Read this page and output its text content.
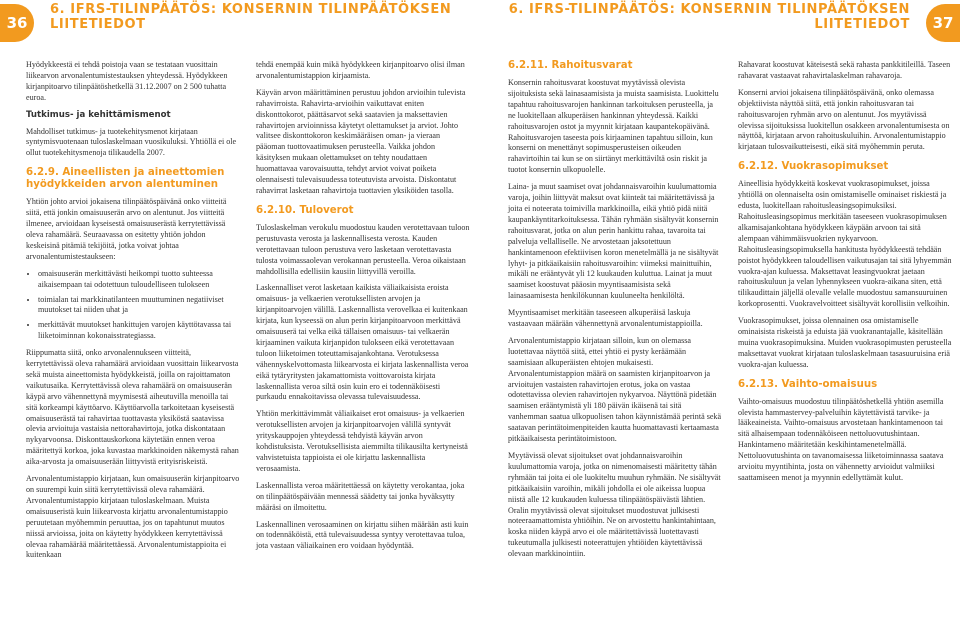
36
6. IFRS-TILINPÄÄTÖS: KONSERNIN TILINPÄÄTÖKSEN
LIITETIEDOT
6. IFRS-TILINPÄÄTÖS: KONSERNIN TILINPÄÄTÖKSEN
LIITETIEDOT	37

Hyödykkeestä ei tehdä poistoja vaan se testataan vuosittain liikearvon arvonalentumistestauksen yhteydessä. Hyödykkeen kirjanpitoarvo tilinpäätöshetkellä 31.12.2007 on 2 500 tuhatta euroa.

Tutkimus- ja kehittämismenot

Mahdolliset tutkimus- ja tuotekehitysmenot kirjataan syntymisvuotenaan tuloslaskelmaan vuosikuluksi. Yhtiöllä ei ole ollut tuotekehitysmenoja tilikaudella 2007.

6.2.9. Aineellisten ja aineettomien hyödykkeiden arvon alentuminen

Yhtiön johto arvioi jokaisena tilinpäätöspäivänä onko viitteitä siitä, että jonkin omaisuuserän arvo on alentunut. Jos viitteitä ilmenee, arvioidaan kyseisestä omaisuuserästä kerrytettävissä oleva rahamäärä. Seuraavassa on esitetty yhtiön johdon keskeisinä pitämiä tekijöitä, jotka voivat johtaa arvonalentumistestaukseen:

• omaisuuserän merkittävästi heikompi tuotto suhteessa aikaisempaan tai odotettuun tuloudelliseen tulokseen
• toimialan tai markkinatilanteen muuttuminen negatiiviset muutokset tai niiden uhat ja
• merkittävät muutokset hankittujen varojen käyttötavassa tai liiketoiminnan kokonaisstrategiassa.

Riippumatta siitä, onko arvonalennukseen viitteitä, kerrytettävissä oleva rahamäärä arvioidaan vuosittain liikearvosta sekä muista aineettomista hyödykkeistä, joilla on rajoittamaton vaikutusaika. Kerrytettävissä oleva rahamäärä on omaisuuserän käypä arvo vähennettynä myymisestä aiheutuvilla menoilla tai sitä korkeampi käyttöarvo. Käyttöarvolla tarkoitetaan kyseisestä omaisuuserästä tai rahavirtaa tuottavasta yksiköstä saatavissa olevia arvioituja vastaisia nettorahavirtoja, jotka diskontataan nykyarvoonsa. Diskonttauskorkona käytetään ennen veroa määritettyä korkoa, joka kuvastaa markkinoiden näkemystä rahan aika-arvosta ja omaisuuserään liittyvistä erityisriskeistä.

Arvonalentumistappio kirjataan, kun omaisuuserän kirjanpitoarvo on suurempi kuin siitä kerrytettävissä oleva rahamäärä. Arvonalentumistappio kirjataan tuloslaskelmaan. Muista omaisuuseristä kuin liikearvosta kirjattu arvonalentumistappio peruutetaan myöhemmin peruuttaa, jos on tapahtunut muutos niissä arvioissa, joita on käytetty hyödykkeen kerrytettävissä olevaa rahamäärää määritettäessä. Arvonalentumistappioita ei kuitenkaan

tehdä enempää kuin mikä hyödykkeen kirjanpitoarvo olisi ilman arvonalentumistappion kirjaamista.

Käyvän arvon määrittäminen perustuu johdon arvioihin tulevista rahavirroista. Rahavirta-arvioihin vaikuttavat eniten diskonttokorot, päättäsarvot sekä saatavien ja maksettavien rahavirtojen arvioinnissa käytetyt olettamukset ja arviot. Johto valitsee diskonttokoron keskimääräisen oman- ja vieraan pääoman tuottovaatimuksen perusteella. Vaikka johdon käsityksen mukaan olettamukset on tehty noudattaen huomattavaa varovaisuutta, tehdyt arviot voivat poiketa olennaisesti tulevaisuudessa toteutuvista arvoista. Diskontatut rahavirrat lasketaan rahavirtoja tuottavien yksiköiden tasolla.

6.2.10. Tuloverot

Tuloslaskelman verokulu muodostuu kauden verotettavaan tuloon perustuvasta verosta ja laskennallisesta verosta. Kauden verotettavaan tuloon perustuva vero lasketaan verotettavasta tulosta voimassaolevan verokannan perusteella. Veroa oikaistaan mahdollisilla edellisiin kausiin liittyvillä veroilla.

Laskennalliset verot lasketaan kaikista väliaikaisista eroista omaisuus- ja velkaerien verotuksellisten arvojen ja kirjanpitoarvojen välillä. Laskennallista verovelkaa ei kuitenkaan kirjata, kun kyseessä on alun perin kirjanpitoarvoon merkittävä omaisuuserä tai velka eikä tällaisen omaisuus- tai velkaerän kirjaaminen vaikuta kirjanpidon tulokseen eikä verotettavaan tuloon liiketoimen toteuttamisajankohtana. Verotuksessa vähennyskelvottomasta liikearvosta ei kirjata laskennallista veroa eikä tytäryritysten jakamattomista voittovaroista kirjata laskennallista veroa siltä osin kuin ero ei todennäköisesti purkaudu ennakoitavissa olevassa tulevaisuudessa.

Yhtiön merkittävimmät väliaikaiset erot omaisuus- ja velkaerien verotuksellisten arvojen ja kirjanpitoarvojen välillä syntyvät yrityskauppojen yhteydessä tehdyistä käyvän arvon kohdistuksista. Verotuksellisista aiemmilta tilikausilta kertyneistä vahvistetuista tappioista ei ole kirjattu laskennallista verosaamista.

Laskennallista veroa määritettäessä on käytetty verokantaa, joka on tilinpäätöspäivään mennessä säädetty tai jonka hyväksytty määräsi on ilmoitettu.

Laskennallinen verosaaminen on kirjattu siihen määrään asti kuin on todennäköistä, että tulevaisuudessa syntyy verotettavaa tuloa, jota vastaan väliaikainen ero voidaan hyödyntää.

6.2.11. Rahoitusvarat

Konsernin rahoitusvarat koostuvat myytävissä olevista sijoituksista sekä lainasaamisista ja muista saamisista. Luokittelu tapahtuu rahoitusvarojen hankinnan tarkoituksen perusteella, ja ne luokitellaan alkuperäisen hankinnan yhteydessä. Kaikki rahoitusvarojen ostot ja myynnit kirjataan kaupantekopäivänä. Rahoitusvarojen taseesta pois kirjaaminen tapahtuu silloin, kun konserni on menettänyt sopimusperusteisen oikeuden rahavirtoihin tai kun se on siirtänyt merkittäviltä osin riskit ja tuotot konsernin ulkopuolelle.

Laina- ja muut saamiset ovat johdannaisvaroihin kuulumattomia varoja, joihin liittyvät maksut ovat kiinteät tai määritettävissä ja joita ei noteerata toimivilla markkinoilla, eikä yhtiö pidä niitä kaupankäyntitarkoituksessa. Tähän ryhmään sisältyvät konsernin rahoitusvarat, jotka on alun perin hankittu rahaa, tavaroita tai palveluja vellalliselle. Ne arvostetaan jaksotettuun hankintamenoon efektiivisen koron menetelmällä ja ne sisältyvät lyhyt- ja pitkäaikaisiin rahoitusvaroihin: viimeksi mainittuihin, mikäli ne erääntyvät yli 12 kuukauden kuluttua. Lainat ja muut saamiset koostuvat pääosin myyntisaamisista sekä lainasaamisesta henkilökunnan kuuluneelta henkilöltä.

Myyntisaamiset merkitään taseeseen alkuperäisä laskuja vastaavaan määrään vähennettynä arvonalentumistappioilla.

Arvonalentumistappio kirjataan silloin, kun on olemassa luotettavaa näyttöä siitä, ettei yhtiö ei pysty keräämään saamisiaan alkuperäisten ehtojen mukaisesti. Arvonalentumistappion määrä on saamisten kirjanpitoarvon ja arvioitujen vastaisten rahavirtojen erotus, joka on vastaa odotettavissa olevien rahavirtojen nykyarvoa. Näyttönä pidetään saamisen erääntymistä yli 180 päivän ikäisenä tai sitä vanhemman saatua ulkopuolisen tahon käynnistämää perintä sekä saatavan perintätoimenpiteiden kautta huomattavasti kertaamasta pitkäaikaisesta perintätoimistoon.

Myytävissä olevat sijoitukset ovat johdannaisvaroihin kuulumattomia varoja, jotka on nimenomaisesti määritetty tähän ryhmään tai joita ei ole luokiteltu muuhun ryhmään. Ne sisältyvät pitkäaikaisiin varoihin, mikäli johdolla ei ole aikeissa luopua niistä alle 12 kuukauden kuluessa tilinpäätöspäivästä lähtien. Oralin myytävissä olevat sijoitukset muodostuvat julkisesti noteeraamattomista yhtiöihin. Ne on arvostettu hankintahintaan, koska niiden käypä arvo ei ole määritettävissä luotettavasti tukeutumalla julkisesti noteerattujen yhtiöiden käytettävissä olevaan markkinointiin.

Rahavarat koostuvat käteisestä sekä rahasta pankkitileillä. Taseen rahavarat vastaavat rahavirtalaskelman rahavaroja.

Konserni arvioi jokaisena tilinpäätöspäivänä, onko olemassa objektiivista näyttöä siitä, että jonkin rahoitusvaran tai rahoitusvarojen ryhmän arvo on alentunut. Jos myytävissä olevissa sijoituksissa luokitellun osakkeen arvonalentumisesta on näyttöä, kirjataan arvon rahoituskuluihin. Arvonalentumistappio kirjataan tulosvaikutteisesti, eikä sitä myöhemmin peruta.

6.2.12. Vuokrasopimukset

Aineellisia hyödykkeitä koskevat vuokrasopimukset, joissa yhtiöllä on olennaiselta osin omistamiselle ominaiset riskiestä ja edusta, luokitellaan rahoitusleasingsopimuksiksi. Rahoitusleasingsopimus merkitään taseeseen vuokrasopimuksen alkamisajankohtana hyödykkeen käypään arvoon tai sitä alempaan vähimmäisvuokrien nykyarvoon. Rahoitusleasingsopimuksella hankitusta hyödykkeestä tehdään poistot hyödykkeen taloudellisen vaikutusajan tai sitä lyhyemmän vuokra-ajan kuluessa. Maksettavat leasingvuokrat jaetaan rahoituskuluun ja velan lyhennykseen vuokra-aikana siten, että tilikaudittain jäljellä olevalle velalle muodostuu samansuuruinen korkoprosentti. Vuokravelvoitteet sisältyvät korollisiin velkoihin.

Vuokrasopimukset, joissa olennainen osa omistamiselle ominaisista riskeistä ja eduista jää vuokranantajalle, käsitellään muina vuokrasopimuksina. Muiden vuokrasopimusten perusteella maksettavat vuokrat kirjataan tuloslaskelmaan tasasuuruisina eriä vuokra-ajan kuluessa.

6.2.13. Vaihto-omaisuus

Vaihto-omaisuus muodostuu tilinpäätöshetkellä yhtiön asemilla olevista hammastervey-palveluihin käytettävistä tarvike- ja lääkeaineista. Vaihto-omaisuus arvostetaan hankintamenoon tai sitä alhaisempaan todennäköiseen nettoluovutushintaan. Hankintameno määritetään keskihintamenetelmällä. Nettoluovutushinta on tavanomaisessa liiketoiminnassa saatava arvioitu myyntihinta, josta on vähennetty arvioidut valmiiksi saattamiseen menot ja myynnin edellyttämät kulut.
